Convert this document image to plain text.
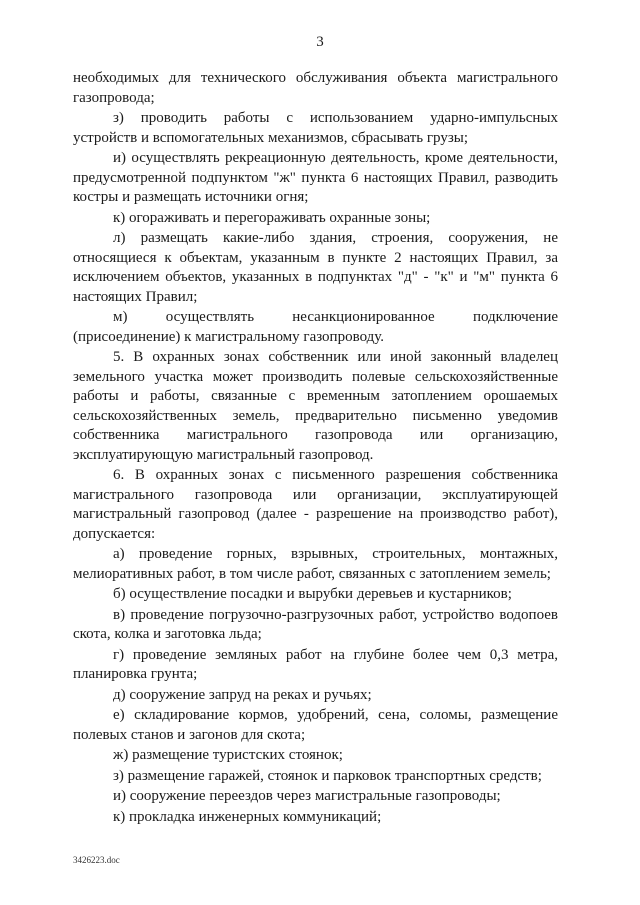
3

необходимых для технического обслуживания объекта магистрального газопровода;

з) проводить работы с использованием ударно-импульсных устройств и вспомогательных механизмов, сбрасывать грузы;

и) осуществлять рекреационную деятельность, кроме деятельности, предусмотренной подпунктом "ж" пункта 6 настоящих Правил, разводить костры и размещать источники огня;

к) огораживать и перегораживать охранные зоны;

л) размещать какие-либо здания, строения, сооружения, не относящиеся к объектам, указанным в пункте 2 настоящих Правил, за исключением объектов, указанных в подпунктах "д" - "к" и "м" пункта 6 настоящих Правил;

м) осуществлять несанкционированное подключение (присоединение) к магистральному газопроводу.

5. В охранных зонах собственник или иной законный владелец земельного участка может производить полевые сельскохозяйственные работы и работы, связанные с временным затоплением орошаемых сельскохозяйственных земель, предварительно письменно уведомив собственника магистрального газопровода или организацию, эксплуатирующую магистральный газопровод.

6. В охранных зонах с письменного разрешения собственника магистрального газопровода или организации, эксплуатирующей магистральный газопровод (далее - разрешение на производство работ), допускается:

а) проведение горных, взрывных, строительных, монтажных, мелиоративных работ, в том числе работ, связанных с затоплением земель;

б) осуществление посадки и вырубки деревьев и кустарников;

в) проведение погрузочно-разгрузочных работ, устройство водопоев скота, колка и заготовка льда;

г) проведение земляных работ на глубине более чем 0,3 метра, планировка грунта;

д) сооружение запруд на реках и ручьях;

е) складирование кормов, удобрений, сена, соломы, размещение полевых станов и загонов для скота;

ж) размещение туристских стоянок;

з) размещение гаражей, стоянок и парковок транспортных средств;

и) сооружение переездов через магистральные газопроводы;

к) прокладка инженерных коммуникаций;

3426223.doc
